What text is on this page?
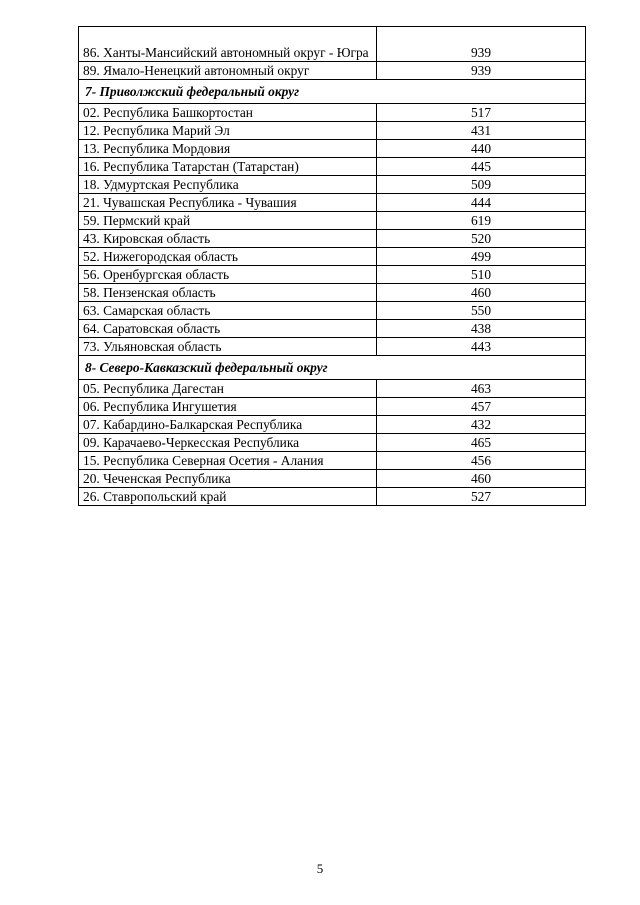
86. Ханты-Мансийский автономный округ - Югра	939
89. Ямало-Ненецкий автономный округ	939
7- Приволжский федеральный округ	
02. Республика Башкортостан	517
12. Республика Марий Эл	431
13. Республика Мордовия	440
16. Республика Татарстан (Татарстан)	445
18. Удмуртская Республика	509
21. Чувашская Республика - Чувашия	444
59. Пермский край	619
43. Кировская область	520
52. Нижегородская область	499
56. Оренбургская область	510
58. Пензенская область	460
63. Самарская область	550
64. Саратовская область	438
73. Ульяновская область	443
8- Северо-Кавказский федеральный округ	
05. Республика Дагестан	463
06. Республика Ингушетия	457
07. Кабардино-Балкарская Республика	432
09. Карачаево-Черкесская Республика	465
15. Республика Северная Осетия - Алания	456
20. Чеченская Республика	460
26. Ставропольский край	527
5
